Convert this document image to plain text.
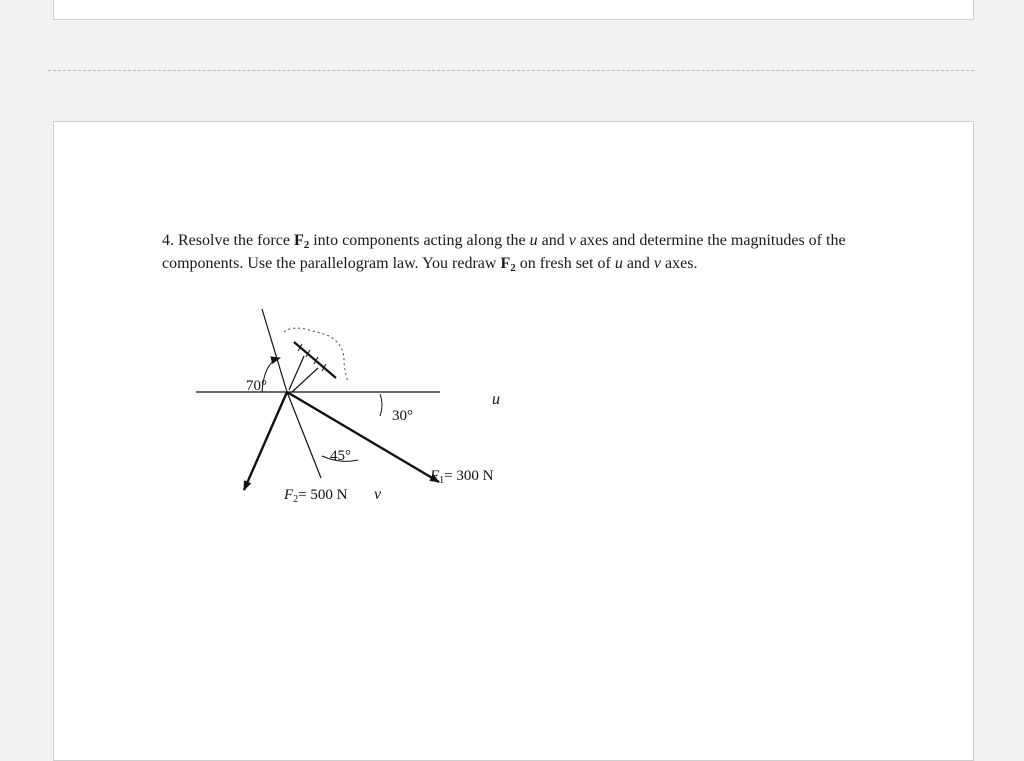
4. Resolve the force $F_2$ into components acting along the u and v axes and determine the magnitudes of the components. Use the parallelogram law. You redraw $F_2$ on fresh set of u and v axes.

70°
30°
45°
u
v
$F_1= 300$ N
$F_2= 500$ N
